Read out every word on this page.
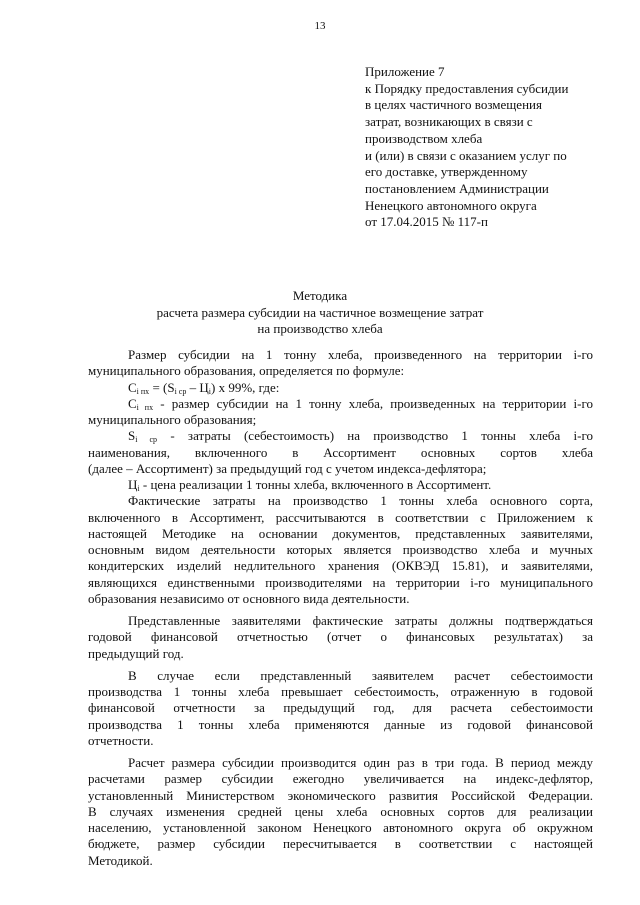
13
Приложение 7
к Порядку предоставления субсидии
в целях частичного возмещения
затрат, возникающих в связи с
производством хлеба
и (или) в связи с оказанием услуг по
его доставке, утвержденному
постановлением Администрации
Ненецкого автономного округа
от 17.04.2015 № 117-п
Методика
расчета размера субсидии на частичное возмещение затрат
на производство хлеба

Размер субсидии на 1 тонну хлеба, произведенного на территории i-го

муниципального образования, определяется по формуле:

$C_{i пх} = (S_{i ср} - Ц_i)$ x 99%, где:

$C_{i пх}$ - размер субсидии на 1 тонну хлеба, произведенных на территории i-го

муниципального образования;

$S_{i ср}$ - затраты (себестоимость) на производство 1 тонны хлеба i-го

наименования, включенного в Ассортимент основных сортов хлеба

(далее – Ассортимент) за предыдущий год с учетом индекса-дефлятора;

$Ц_i$ - цена реализации 1 тонны хлеба, включенного в Ассортимент.

Фактические затраты на производство 1 тонны хлеба основного сорта,

включенного в Ассортимент, рассчитываются в соответствии с Приложением к

настоящей Методике на основании документов, представленных заявителями,

основным видом деятельности которых является производство хлеба и мучных

кондитерских изделий недлительного хранения (ОКВЭД 15.81), и заявителями,

являющихся единственными производителями на территории i-го муниципального

образования независимо от основного вида деятельности.

Представленные заявителями фактические затраты должны подтверждаться

годовой финансовой отчетностью (отчет о финансовых результатах) за

предыдущий год.

В случае если представленный заявителем расчет себестоимости

производства 1 тонны хлеба превышает себестоимость, отраженную в годовой

финансовой отчетности за предыдущий год, для расчета себестоимости

производства 1 тонны хлеба применяются данные из годовой финансовой

отчетности.

Расчет размера субсидии производится один раз в три года. В период между

расчетами размер субсидии ежегодно увеличивается на индекс-дефлятор,

установленный Министерством экономического развития Российской Федерации.

В случаях изменения средней цены хлеба основных сортов для реализации

населению, установленной законом Ненецкого автономного округа об окружном

бюджете, размер субсидии пересчитывается в соответствии с настоящей

Методикой.
